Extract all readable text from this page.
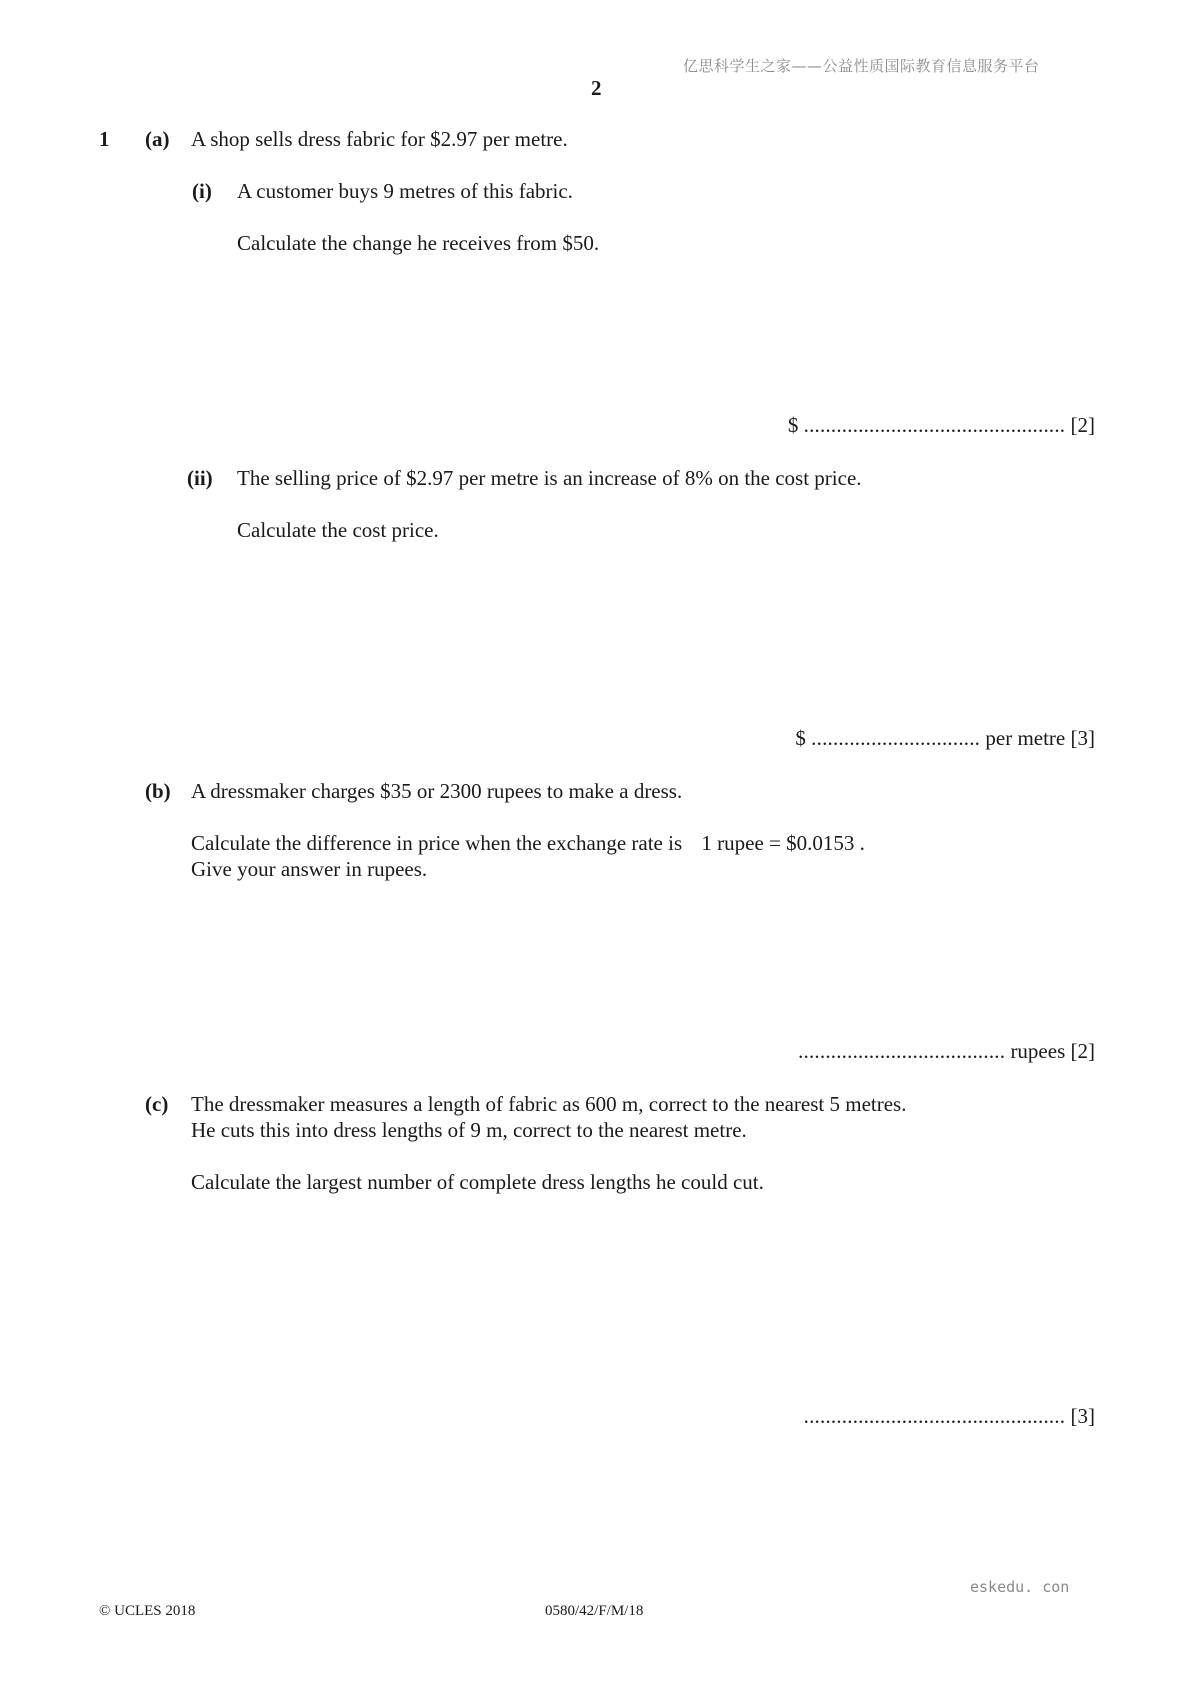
亿思科学生之家——公益性质国际教育信息服务平台
2
1 (a) A shop sells dress fabric for $2.97 per metre.
(i) A customer buys 9 metres of this fabric.
Calculate the change he receives from $50.
$ ................................................ [2]
(ii) The selling price of $2.97 per metre is an increase of 8% on the cost price.
Calculate the cost price.
$ ............................... per metre [3]
(b) A dressmaker charges $35 or 2300 rupees to make a dress.
Calculate the difference in price when the exchange rate is 1 rupee = $0.0153 .
Give your answer in rupees.
...................................... rupees [2]
(c) The dressmaker measures a length of fabric as 600 m, correct to the nearest 5 metres.
He cuts this into dress lengths of 9 m, correct to the nearest metre.
Calculate the largest number of complete dress lengths he could cut.
................................................ [3]
eskedu. con
© UCLES 2018	0580/42/F/M/18
